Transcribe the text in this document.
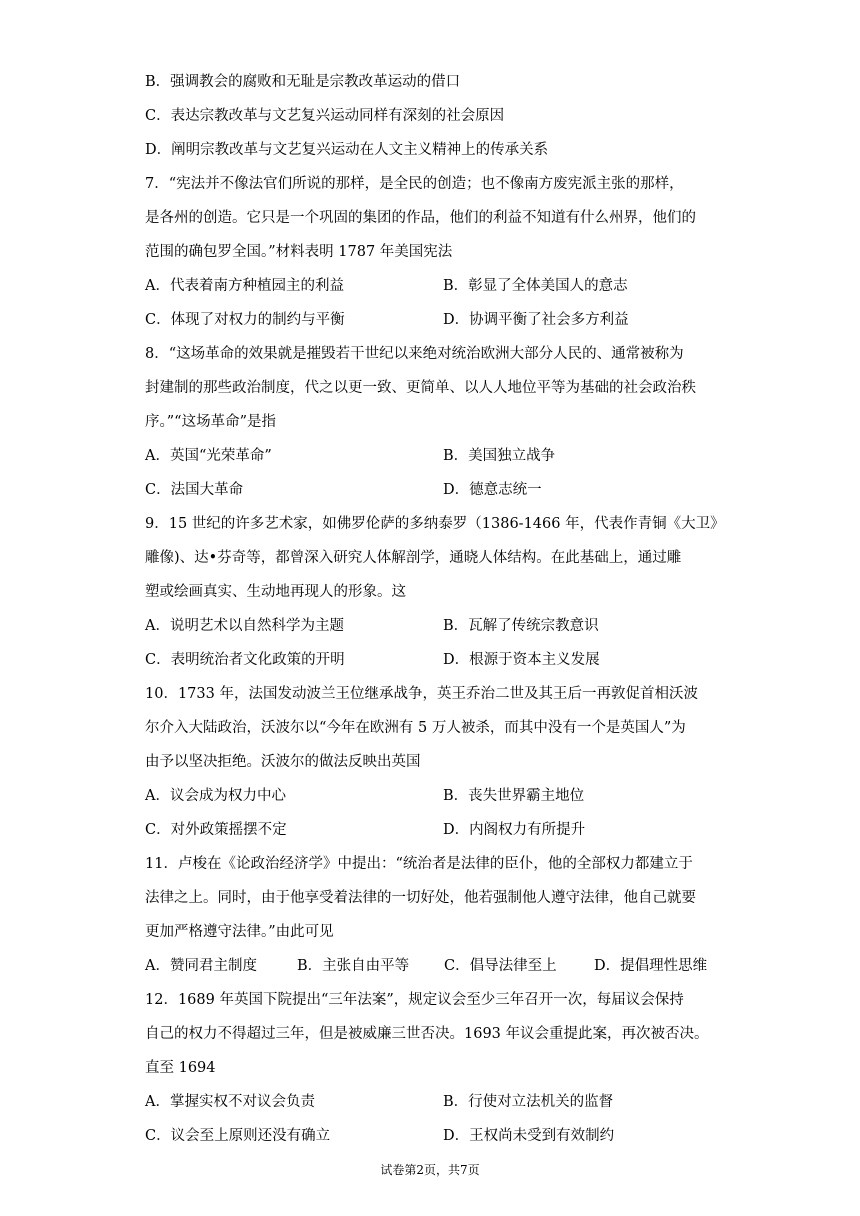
B．强调教会的腐败和无耻是宗教改革运动的借口
C．表达宗教改革与文艺复兴运动同样有深刻的社会原因
D．阐明宗教改革与文艺复兴运动在人文主义精神上的传承关系
7．“宪法并不像法官们所说的那样，是全民的创造；也不像南方废宪派主张的那样，
是各州的创造。它只是一个巩固的集团的作品，他们的利益不知道有什么州界，他们的
范围的确包罗全国。”材料表明 1787 年美国宪法
A．代表着南方种植园主的利益	B．彰显了全体美国人的意志
C．体现了对权力的制约与平衡	D．协调平衡了社会多方利益
8．“这场革命的效果就是摧毁若干世纪以来绝对统治欧洲大部分人民的、通常被称为
封建制的那些政治制度，代之以更一致、更简单、以人人地位平等为基础的社会政治秩
序。”“这场革命”是指
A．英国“光荣革命”	B．美国独立战争
C．法国大革命	D．德意志统一
9．15 世纪的许多艺术家，如佛罗伦萨的多纳泰罗（1386-1466 年，代表作青铜《大卫》
雕像)、达•芬奇等，都曾深入研究人体解剖学，通晓人体结构。在此基础上，通过雕
塑或绘画真实、生动地再现人的形象。这
A．说明艺术以自然科学为主题	B．瓦解了传统宗教意识
C．表明统治者文化政策的开明	D．根源于资本主义发展
10．1733 年，法国发动波兰王位继承战争，英王乔治二世及其王后一再敦促首相沃波
尔介入大陆政治，沃波尔以“今年在欧洲有 5 万人被杀，而其中没有一个是英国人”为
由予以坚决拒绝。沃波尔的做法反映出英国
A．议会成为权力中心	B．丧失世界霸主地位
C．对外政策摇摆不定	D．内阁权力有所提升
11．卢梭在《论政治经济学》中提出：“统治者是法律的臣仆，他的全部权力都建立于
法律之上。同时，由于他享受着法律的一切好处，他若强制他人遵守法律，他自己就要
更加严格遵守法律。”由此可见
A．赞同君主制度	B．主张自由平等 C．倡导法律至上	D．提倡理性思维
12．1689 年英国下院提出“三年法案”，规定议会至少三年召开一次，每届议会保持
自己的权力不得超过三年，但是被威廉三世否决。1693 年议会重提此案，再次被否决。
直至 1694
A．掌握实权不对议会负责	B．行使对立法机关的监督
C．议会至上原则还没有确立	D．王权尚未受到有效制约
试卷第2页，共7页
